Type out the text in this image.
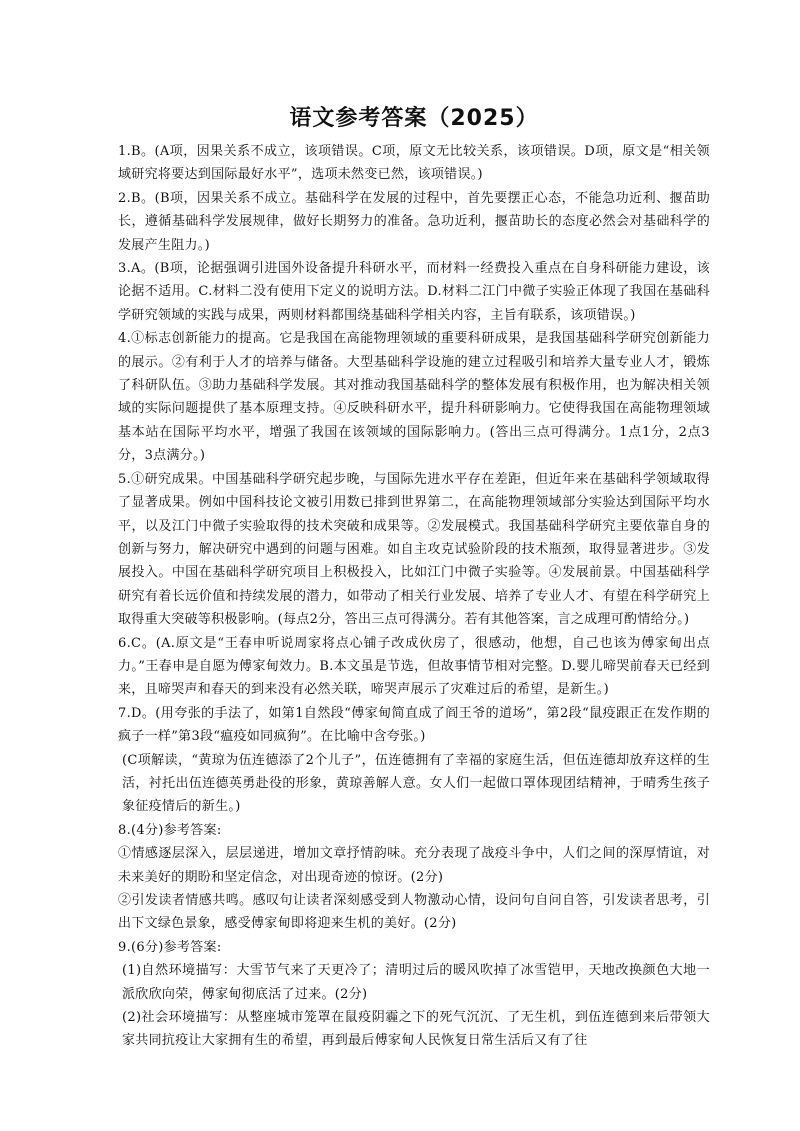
语文参考答案（2025）

1.B。(A项，因果关系不成立，该项错误。C项，原文无比较关系，该项错误。D项，原文是“相关领域研究将要达到国际最好水平”，选项未然变已然，该项错误。)

2.B。(B项，因果关系不成立。基础科学在发展的过程中，首先要摆正心态，不能急功近利、揠苗助长，遵循基础科学发展规律，做好长期努力的准备。急功近利，揠苗助长的态度必然会对基础科学的发展产生阻力。)

3.A。(B项，论据强调引进国外设备提升科研水平，而材料一经费投入重点在自身科研能力建设，该论据不适用。C.材料二没有使用下定义的说明方法。D.材料二江门中微子实验正体现了我国在基础科学研究领域的实践与成果，两则材料都围绕基础科学相关内容，主旨有联系，该项错误。)

4.①标志创新能力的提高。它是我国在高能物理领域的重要科研成果，是我国基础科学研究创新能力的展示。②有利于人才的培养与储备。大型基础科学设施的建立过程吸引和培养大量专业人才，锻炼了科研队伍。③助力基础科学发展。其对推动我国基础科学的整体发展有积极作用，也为解决相关领域的实际问题提供了基本原理支持。④反映科研水平，提升科研影响力。它使得我国在高能物理领域基本站在国际平均水平，增强了我国在该领域的国际影响力。(答出三点可得满分。1点1分，2点3分，3点满分。)

5.①研究成果。中国基础科学研究起步晚，与国际先进水平存在差距，但近年来在基础科学领域取得了显著成果。例如中国科技论文被引用数已排到世界第二，在高能物理领域部分实验达到国际平均水平，以及江门中微子实验取得的技术突破和成果等。②发展模式。我国基础科学研究主要依靠自身的创新与努力，解决研究中遇到的问题与困难。如自主攻克试验阶段的技术瓶颈，取得显著进步。③发展投入。中国在基础科学研究项目上积极投入，比如江门中微子实验等。④发展前景。中国基础科学研究有着长远价值和持续发展的潜力，如带动了相关行业发展、培养了专业人才、有望在科学研究上取得重大突破等积极影响。(每点2分，答出三点可得满分。若有其他答案，言之成理可酌情给分。)

6.C。(A.原文是“王春申听说周家将点心铺子改成伙房了，很感动，他想，自己也该为傅家甸出点力。”王春申是自愿为傅家甸效力。B.本文虽是节选，但故事情节相对完整。D.婴儿啼哭前春天已经到来，且啼哭声和春天的到来没有必然关联，啼哭声展示了灾难过后的希望，是新生。)

7.D。(用夸张的手法了，如第1自然段“傅家甸简直成了阎王爷的道场”，第2段“鼠疫跟正在发作期的疯子一样”第3段“瘟疫如同疯狗”。在比喻中含夸张。)

(C项解读，“黄琼为伍连德添了2个儿子”，伍连德拥有了幸福的家庭生活，但伍连德却放弃这样的生活，衬托出伍连德英勇赴役的形象，黄琼善解人意。女人们一起做口罩体现团结精神，于晴秀生孩子象征疫情后的新生。)

8.(4分)参考答案:

①情感逐层深入，层层递进，增加文章抒情韵味。充分表现了战疫斗争中，人们之间的深厚情谊，对未来美好的期盼和坚定信念，对出现奇迹的惊讶。(2分)

②引发读者情感共鸣。感叹句让读者深刻感受到人物激动心情，设问句自问自答，引发读者思考，引出下文绿色景象，感受傅家甸即将迎来生机的美好。(2分)

9.(6分)参考答案:

(1)自然环境描写：大雪节气来了天更冷了；清明过后的暖风吹掉了冰雪铠甲，天地改换颜色大地一派欣欣向荣，傅家甸彻底活了过来。(2分)

(2)社会环境描写：从整座城市笼罩在鼠疫阴霾之下的死气沉沉、了无生机，到伍连德到来后带领大家共同抗疫让大家拥有生的希望，再到最后傅家甸人民恢复日常生活后又有了往
